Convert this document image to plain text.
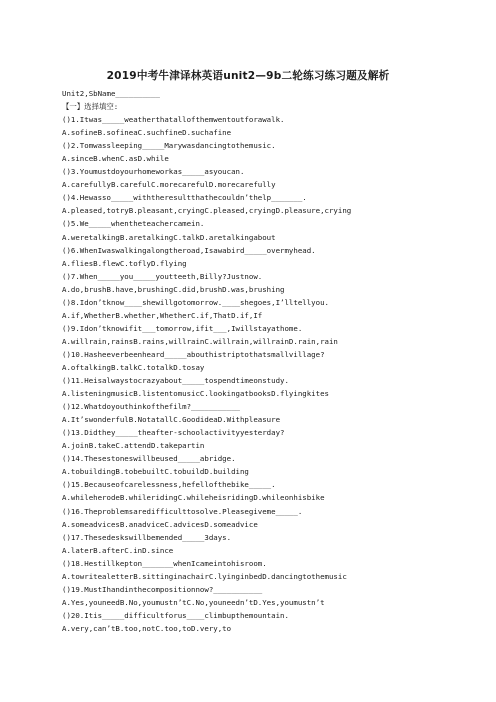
2019中考牛津译林英语unit2—9b二轮练习练习题及解析
Unit2,SbName__________
【一】选择填空:
()1.Itwas_____weatherthatallofthemwentoutforawalk.
A.sofineB.sofineaC.suchfineD.suchafine
()2.Tomwassleeping_____Marywasdancingtothemusic.
A.sinceB.whenC.asD.while
()3.Youmustdoyourhomeworkas_____asyoucan.
A.carefullyB.carefulC.morecarefulD.morecarefully
()4.Hewasso_____withtheresultthathecouldn’thelp_______.
A.pleased,totryB.pleasant,cryingC.pleased,cryingD.pleasure,crying
()5.We_____whentheteachercamein.
A.weretalkingB.aretalkingC.talkD.aretalkingabout
()6.WhenIwaswalkingalongtheroad,Isawabird_____overmyhead.
A.fliesB.flewC.toflyD.flying
()7.When_____you_____youtteeth,Billy?Justnow.
A.do,brushB.have,brushingC.did,brushD.was,brushing
()8.Idon’tknow____shewillgotomorrow.____shegoes,I’lltellyou.
A.if,WhetherB.whether,WhetherC.if,ThatD.if,If
()9.Idon’tknowifit___tomorrow,ifit___,Iwillstayathome.
A.willrain,rainsB.rains,willrainC.willrain,willrainD.rain,rain
()10.Hasheeverbeenheard_____abouthistriptothatsmallvillage?
A.oftalkingB.talkC.totalkD.tosay
()11.Heisalwaystocrazyabout_____tospendtimeonstudy.
A.listeningmusicB.listentomusicC.lookingatbooksD.flyingkites
()12.Whatdoyouthinkofthefilm?___________
A.It’swonderfulB.NotatallC.GoodideaD.Withpleasure
()13.Didthey_____theafter-schoolactivityyesterday?
A.joinB.takeC.attendD.takepartin
()14.Thesestoneswillbeused_____abridge.
A.tobuildingB.tobebuiltC.tobuildD.building
()15.Becauseofcarelessness,hefellofthebike_____.
A.whileherodeB.whileridingC.whileheisridingD.whileonhisbike
()16.Theproblemsaredifficulttosolve.Pleasegiveme_____.
A.someadvicesB.anadviceC.advicesD.someadvice
()17.Thesedeskswillbemended_____3days.
A.laterB.afterC.inD.since
()18.Hestillkepton_______whenIcameintohisroom.
A.towritealetterB.sittinginachairC.lyinginbedD.dancingtothemusic
()19.MustIhandinthecompositionnow?___________
A.Yes,youneedB.No,youmustn’tC.No,youneedn’tD.Yes,youmustn’t
()20.Itis_____difficultforus____climbupthemountain.
A.very,can’tB.too,notC.too,toD.very,to
